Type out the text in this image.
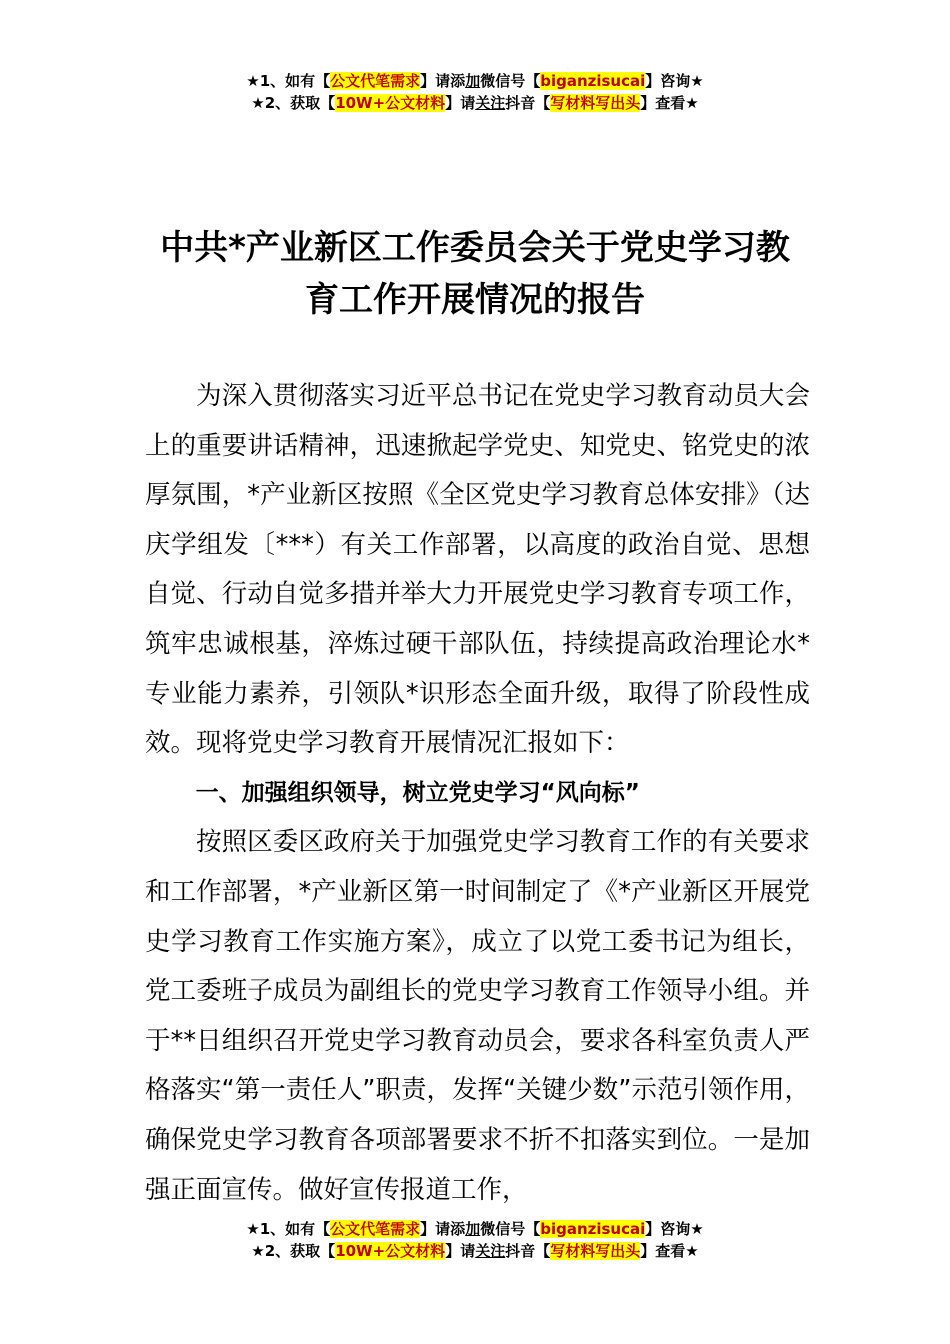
★1、如有【公文代笔需求】请添加微信号【biganzisucai】咨询★
★2、获取【10W+公文材料】请关注抖音【写材料写出头】查看★
中共*产业新区工作委员会关于党史学习教
育工作开展情况的报告

为深入贯彻落实习近平总书记在党史学习教育动员大会上的重要讲话精神，迅速掀起学党史、知党史、铭党史的浓厚氛围，*产业新区按照《全区党史学习教育总体安排》（达庆学组发〔***）有关工作部署，以高度的政治自觉、思想自觉、行动自觉多措并举大力开展党史学习教育专项工作，筑牢忠诚根基，淬炼过硬干部队伍，持续提高政治理论水*专业能力素养，引领队*识形态全面升级，取得了阶段性成效。现将党史学习教育开展情况汇报如下：

一、加强组织领导，树立党史学习“风向标”

按照区委区政府关于加强党史学习教育工作的有关要求和工作部署，*产业新区第一时间制定了《*产业新区开展党史学习教育工作实施方案》，成立了以党工委书记为组长，党工委班子成员为副组长的党史学习教育工作领导小组。并于**日组织召开党史学习教育动员会，要求各科室负责人严格落实“第一责任人”职责，发挥“关键少数”示范引领作用，确保党史学习教育各项部署要求不折不扣落实到位。一是加强正面宣传。做好宣传报道工作，

★1、如有【公文代笔需求】请添加微信号【biganzisucai】咨询★
★2、获取【10W+公文材料】请关注抖音【写材料写出头】查看★
